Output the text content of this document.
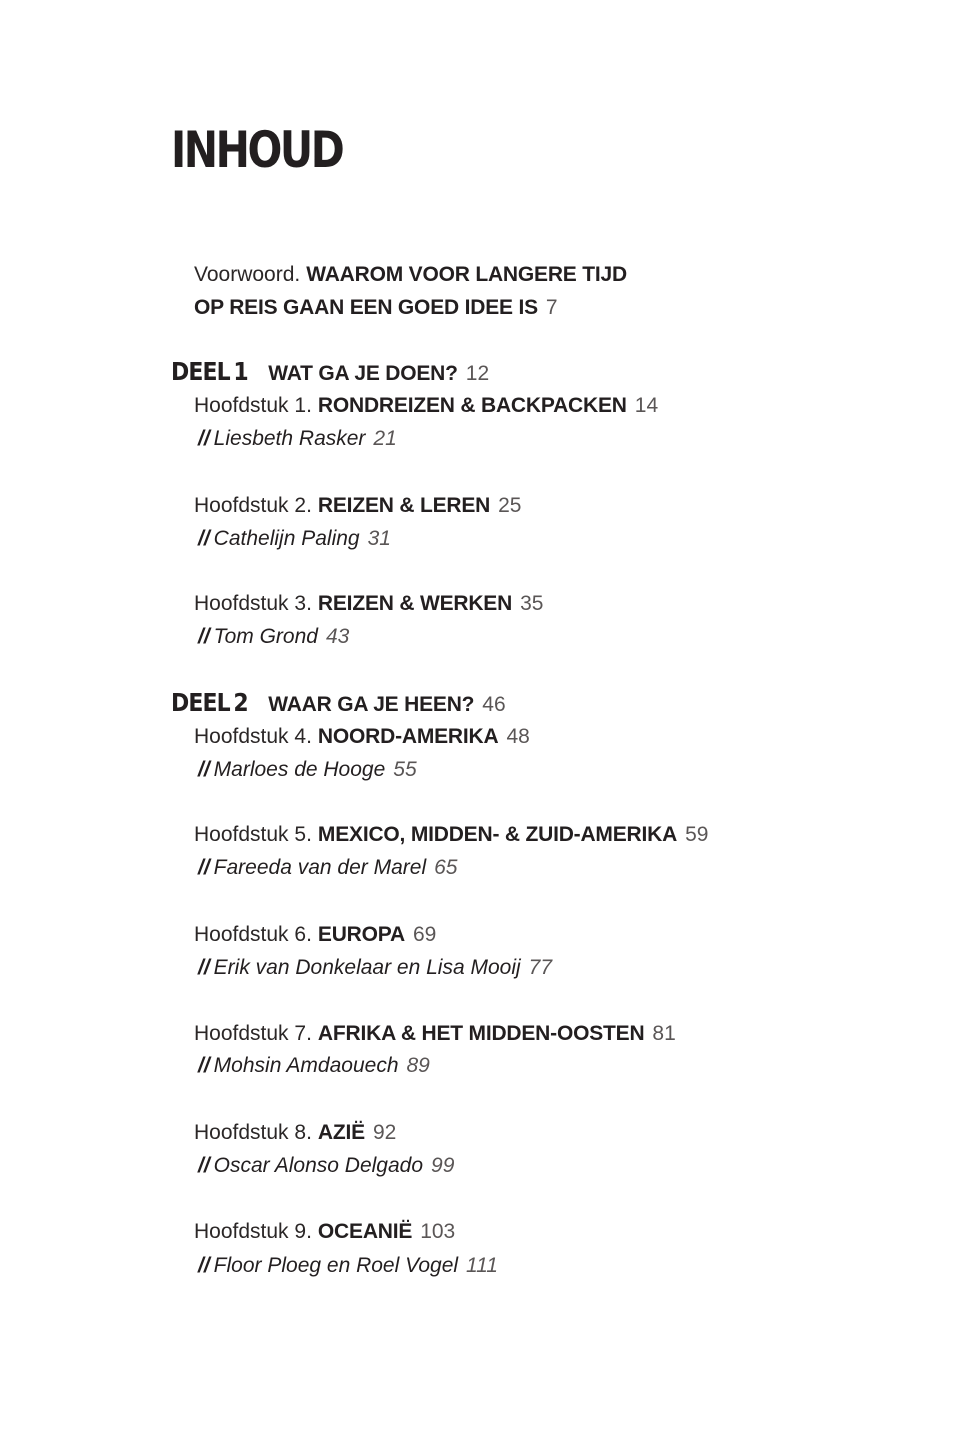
INHOUD
Voorwoord. WAAROM VOOR LANGERE TIJD
OP REIS GAAN EEN GOED IDEE IS 7
DEEL 1 WAT GA JE DOEN? 12
Hoofdstuk 1. RONDREIZEN & BACKPACKEN 14
// Liesbeth Rasker 21
Hoofdstuk 2. REIZEN & LEREN 25
// Cathelijn Paling 31
Hoofdstuk 3. REIZEN & WERKEN 35
// Tom Grond 43
DEEL 2 WAAR GA JE HEEN? 46
Hoofdstuk 4. NOORD-AMERIKA 48
// Marloes de Hooge 55
Hoofdstuk 5. MEXICO, MIDDEN- & ZUID-AMERIKA 59
// Fareeda van der Marel 65
Hoofdstuk 6. EUROPA 69
// Erik van Donkelaar en Lisa Mooij 77
Hoofdstuk 7. AFRIKA & HET MIDDEN-OOSTEN 81
// Mohsin Amdaouech 89
Hoofdstuk 8. AZIË 92
// Oscar Alonso Delgado 99
Hoofdstuk 9. OCEANIË 103
// Floor Ploeg en Roel Vogel 111
